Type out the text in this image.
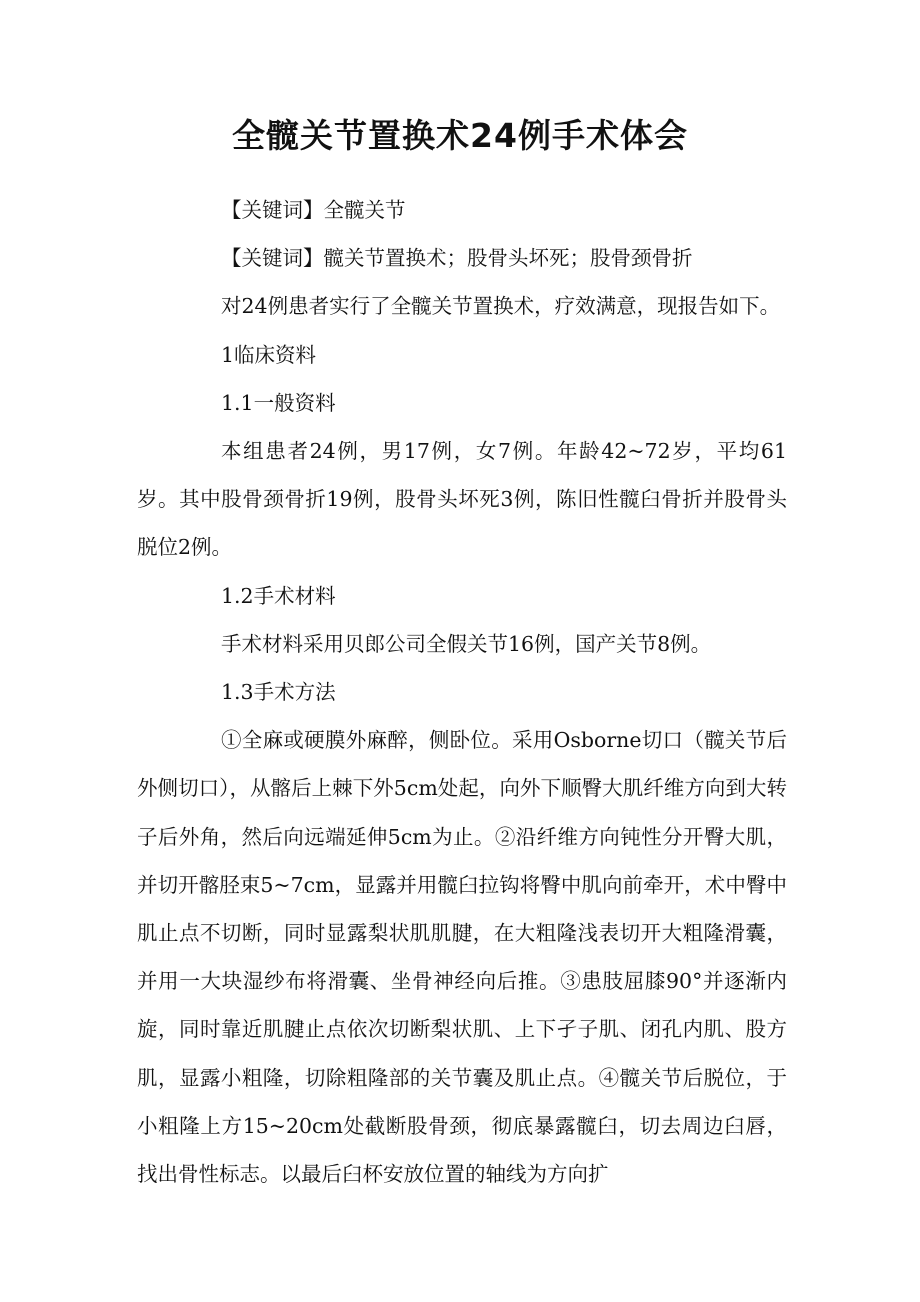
全髋关节置换术24例手术体会

【关键词】全髋关节

【关键词】髋关节置换术；股骨头坏死；股骨颈骨折

对24例患者实行了全髋关节置换术，疗效满意，现报告如下。

1临床资料

1.1一般资料

本组患者24例，男17例，女7例。年龄42~72岁，平均61岁。其中股骨颈骨折19例，股骨头坏死3例，陈旧性髋臼骨折并股骨头脱位2例。

1.2手术材料

手术材料采用贝郎公司全假关节16例，国产关节8例。

1.3手术方法

①全麻或硬膜外麻醉，侧卧位。采用Osborne切口（髋关节后外侧切口），从髂后上棘下外5cm处起，向外下顺臀大肌纤维方向到大转子后外角，然后向远端延伸5cm为止。②沿纤维方向钝性分开臀大肌，并切开髂胫束5~7cm，显露并用髋臼拉钩将臀中肌向前牵开，术中臀中肌止点不切断，同时显露梨状肌肌腱，在大粗隆浅表切开大粗隆滑囊，并用一大块湿纱布将滑囊、坐骨神经向后推。③患肢屈膝90°并逐渐内旋，同时靠近肌腱止点依次切断梨状肌、上下孑子肌、闭孔内肌、股方肌，显露小粗隆，切除粗隆部的关节囊及肌止点。④髋关节后脱位，于小粗隆上方15~20cm处截断股骨颈，彻底暴露髋臼，切去周边臼唇，找出骨性标志。以最后臼杯安放位置的轴线为方向扩
